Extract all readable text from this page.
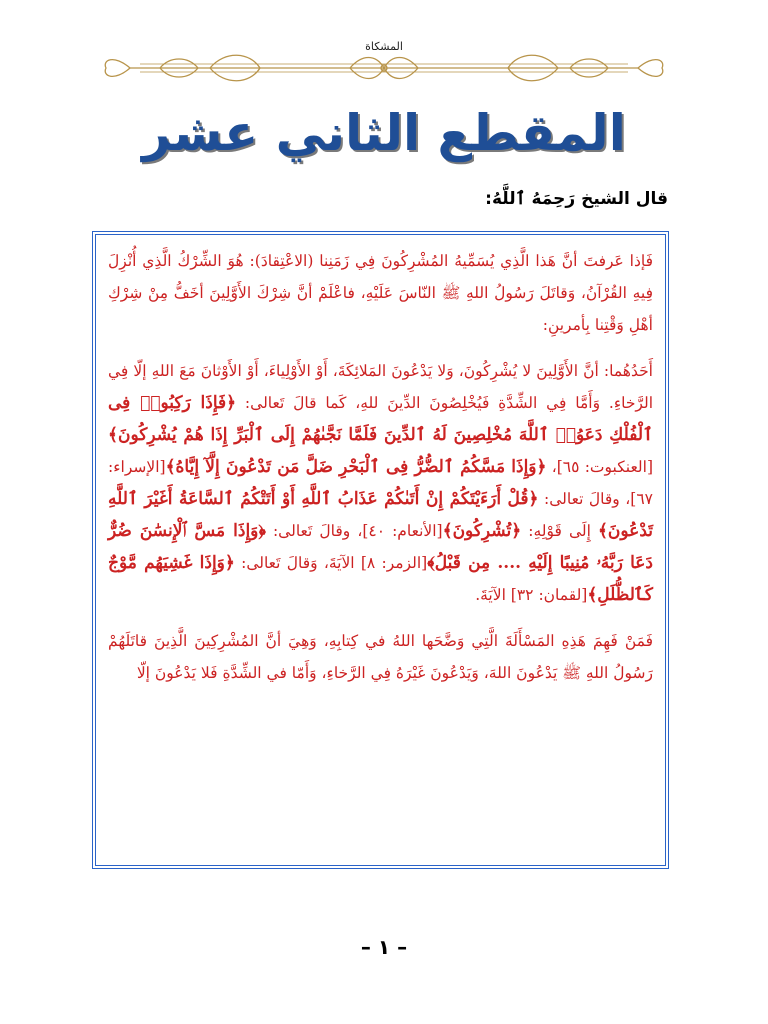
المشكاة
المقطع الثاني عشر
قال الشيخ رَحِمَهُ ٱللَّهُ:

فَإذا عَرفتَ أنَّ هَذا الَّذِي يُسَمِّيهُ المُشْرِكُونَ فِي زَمَنِنا (الاعْتِقادَ): هُوَ الشِّرْكُ الَّذِي أُنْزِلَ فِيهِ القُرْآنُ، وَقاتَلَ رَسُولُ اللهِ ﷺ النّاسَ عَلَيْهِ، فاعْلَمْ أنَّ شِرْكَ الأَوَّلِينَ أخَفُّ مِنْ شِرْكِ أهْلِ وَقْتِنا بِأمرينِ:

أَحَدُهُما: أنَّ الأَوَّلِينَ لا يُشْرِكُونَ، وَلا يَدْعُونَ المَلائِكَةَ، أَوْ الأَوْلِياءَ، أَوْ الأَوْثانَ مَعَ اللهِ إلّا فِي الرَّخاءِ. وَأَمَّا فِي الشِّدَّةِ فَيُخْلِصُونَ الدِّينَ للهِ، كَما قالَ تَعالى: ﴿فَإِذَا رَكِبُوا۟ فِى ٱلْفُلْكِ دَعَوُا۟ ٱللَّهَ مُخْلِصِينَ لَهُ ٱلدِّينَ فَلَمَّا نَجَّىٰهُمْ إِلَى ٱلْبَرِّ إِذَا هُمْ يُشْرِكُونَ﴾[العنكبوت: ٦٥]، ﴿وَإِذَا مَسَّكُمُ ٱلضُّرُّ فِى ٱلْبَحْرِ ضَلَّ مَن تَدْعُونَ إِلَّآ إِيَّاهُ﴾[الإسراء: ٦٧]، وقالَ تعالى: ﴿قُلْ أَرَءَيْتَكُمْ إِنْ أَتَىٰكُمْ عَذَابُ ٱللَّهِ أَوْ أَتَتْكُمُ ٱلسَّاعَةُ أَغَيْرَ ٱللَّهِ تَدْعُونَ﴾ إِلَى قَوْلِهِ: ﴿تُشْرِكُونَ﴾[الأنعام: ٤٠]، وقالَ تَعالى: ﴿وَإِذَا مَسَّ ٱلْإِنسَٰنَ ضُرٌّ دَعَا رَبَّهُۥ مُنِيبًا إِلَيْهِ .... مِن قَبْلُ﴾[الزمر: ٨] الآيَةَ، وَقالَ تَعالى: ﴿وَإِذَا غَشِيَهُم مَّوْجٌ كَٱلظُّلَلِ﴾[لقمان: ٣٢] الآيَةَ.

فَمَنْ فَهِمَ هَذِهِ المَسْأَلَةَ الَّتِي وَضَّحَها اللهُ في كِتابِهِ، وَهِيَ أنَّ المُشْرِكِينَ الَّذِينَ قاتَلَهُمْ رَسُولُ اللهِ ﷺ يَدْعُونَ اللهَ، وَيَدْعُونَ غَيْرَهُ فِي الرَّخاءِ، وَأَمّا في الشِّدَّةِ فَلا يَدْعُونَ إلّا

– ١ –
